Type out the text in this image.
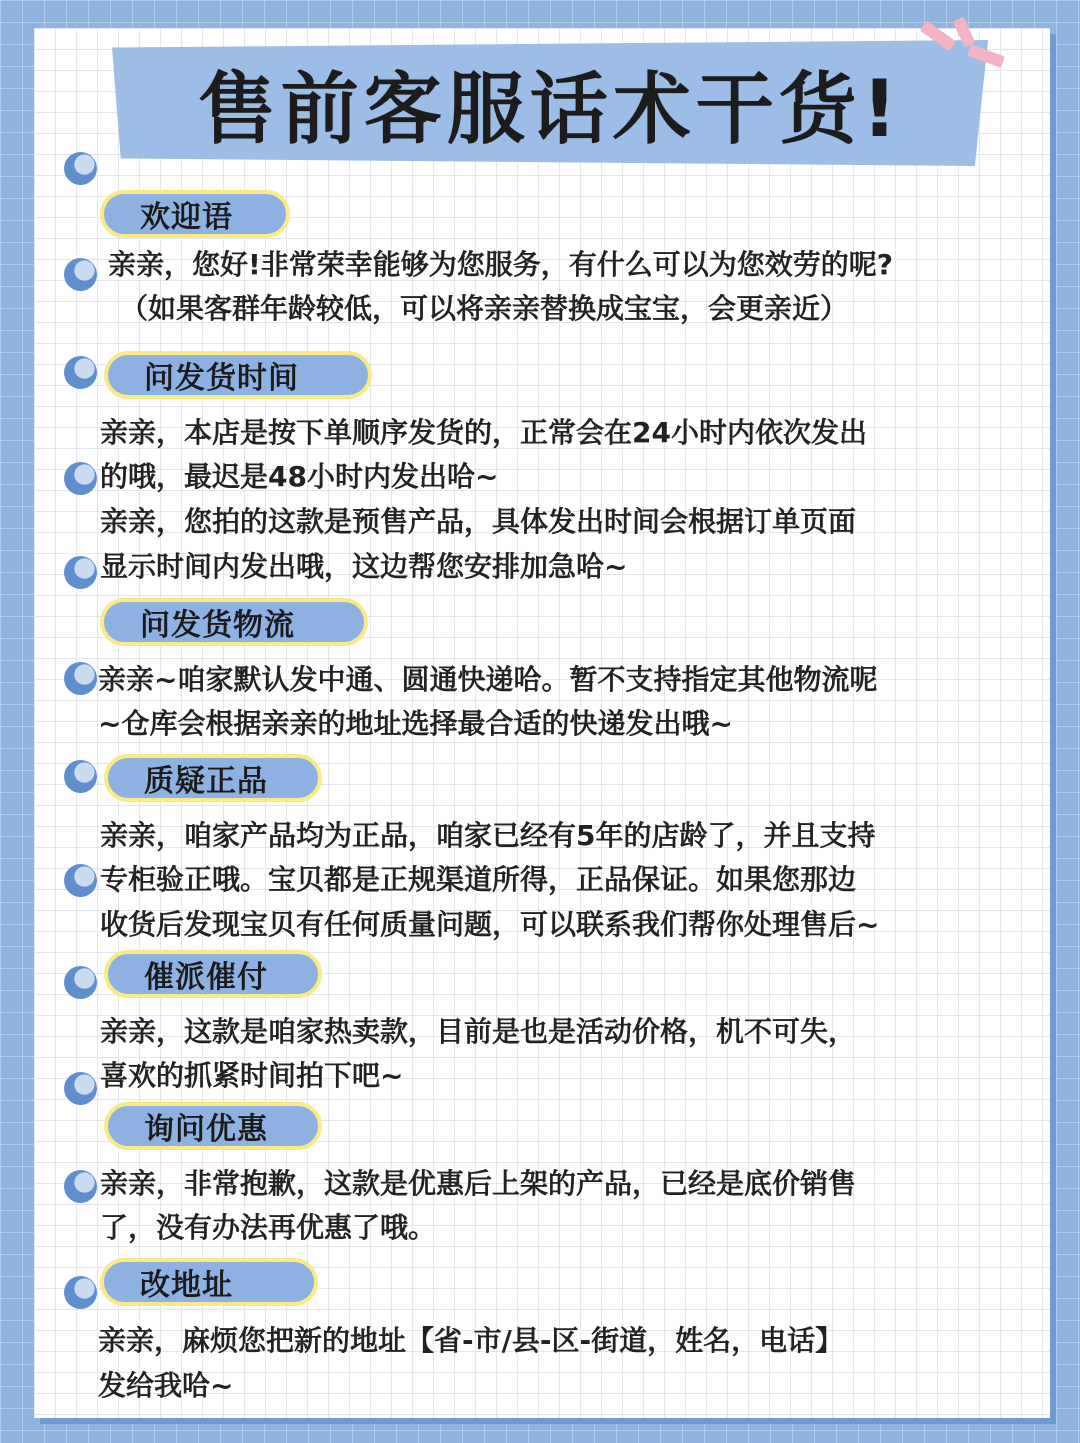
售前客服话术干货!
欢迎语

亲亲，您好!非常荣幸能够为您服务，有什么可以为您效劳的呢?

（如果客群年龄较低，可以将亲亲替换成宝宝，会更亲近）

问发货时间

亲亲，本店是按下单顺序发货的，正常会在24小时内依次发出

的哦，最迟是48小时内发出哈~

亲亲，您拍的这款是预售产品，具体发出时间会根据订单页面

显示时间内发出哦，这边帮您安排加急哈~

问发货物流

亲亲~咱家默认发中通、圆通快递哈。暂不支持指定其他物流呢

~仓库会根据亲亲的地址选择最合适的快递发出哦~

质疑正品

亲亲，咱家产品均为正品，咱家已经有5年的店龄了，并且支持

专柜验正哦。宝贝都是正规渠道所得，正品保证。如果您那边

收货后发现宝贝有任何质量问题，可以联系我们帮你处理售后~

催派催付

亲亲，这款是咱家热卖款，目前是也是活动价格，机不可失，

喜欢的抓紧时间拍下吧~

询问优惠

亲亲，非常抱歉，这款是优惠后上架的产品，已经是底价销售

了，没有办法再优惠了哦。

改地址

亲亲，麻烦您把新的地址【省-市/县-区-街道，姓名，电话】

发给我哈~
